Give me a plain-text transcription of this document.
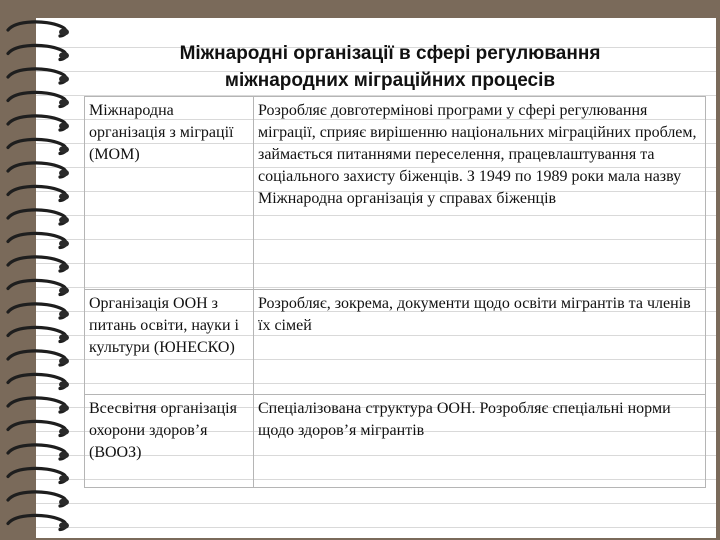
Міжнародні організації в сфері регулювання
міжнародних міграційних процесів
Міжнародна організація з міграції (МОМ)	Розробляє довготермінові програми у сфері регулювання міграції, сприяє вирішенню національних міграційних проблем, займається питаннями переселення, працевлаштування та соціального захисту біженців. З 1949 по 1989 роки мала назву Міжнародна організація у справах біженців
Організація ООН з питань освіти, науки і культури (ЮНЕСКО)	Розробляє, зокрема, документи щодо освіти мігрантів та членів їх сімей
Всесвітня організація охорони здоров’я (ВООЗ)	Спеціалізована структура ООН. Розробляє спеціальні норми щодо здоров’я мігрантів
